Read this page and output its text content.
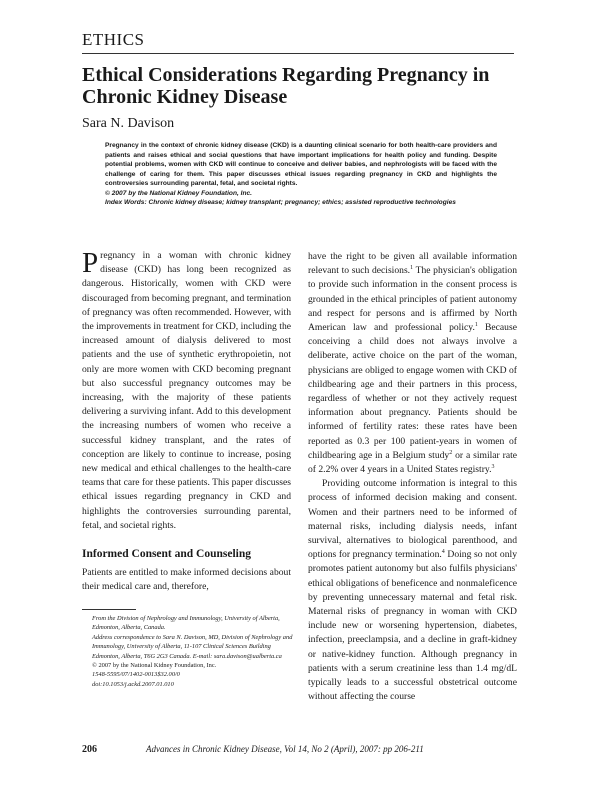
ETHICS
Ethical Considerations Regarding Pregnancy in Chronic Kidney Disease
Sara N. Davison

Pregnancy in the context of chronic kidney disease (CKD) is a daunting clinical scenario for both health-care providers and patients and raises ethical and social questions that have important implications for health policy and funding. Despite potential problems, women with CKD will continue to conceive and deliver babies, and nephrologists will be faced with the challenge of caring for them. This paper discusses ethical issues regarding pregnancy in CKD and highlights the controversies surrounding parental, fetal, and societal rights.

© 2007 by the National Kidney Foundation, Inc.

Index Words: Chronic kidney disease; kidney transplant; pregnancy; ethics; assisted reproductive technologies

Pregnancy in a woman with chronic kidney disease (CKD) has long been recognized as dangerous. Historically, women with CKD were discouraged from becoming pregnant, and termination of pregnancy was often recommended. However, with the improvements in treatment for CKD, including the increased amount of dialysis delivered to most patients and the use of synthetic erythropoietin, not only are more women with CKD becoming pregnant but also successful pregnancy outcomes may be increasing, with the majority of these patients delivering a surviving infant. Add to this development the increasing numbers of women who receive a successful kidney transplant, and the rates of conception are likely to continue to increase, posing new medical and ethical challenges to the health-care teams that care for these patients. This paper discusses ethical issues regarding pregnancy in CKD and highlights the controversies surrounding parental, fetal, and societal rights.

Informed Consent and Counseling

Patients are entitled to make informed decisions about their medical care and, therefore,

From the Division of Nephrology and Immunology, University of Alberta, Edmonton, Alberta, Canada.

Address correspondence to Sara N. Davison, MD, Division of Nephrology and Immunology, University of Alberta, 11-107 Clinical Sciences Building Edmonton, Alberta, T6G 2G3 Canada. E-mail: sara.davison@ualberta.ca

© 2007 by the National Kidney Foundation, Inc.

1548-5595/07/1402-0013$32.00/0

doi:10.1053/j.ackd.2007.01.010

have the right to be given all available information relevant to such decisions.$^1$ The physician's obligation to provide such information in the consent process is grounded in the ethical principles of patient autonomy and respect for persons and is affirmed by North American law and professional policy.$^1$ Because conceiving a child does not always involve a deliberate, active choice on the part of the woman, physicians are obliged to engage women with CKD of childbearing age and their partners in this process, regardless of whether or not they actively request information about pregnancy. Patients should be informed of fertility rates: these rates have been reported as 0.3 per 100 patient-years in women of childbearing age in a Belgium study$^2$ or a similar rate of 2.2% over 4 years in a United States registry.$^3$

Providing outcome information is integral to this process of informed decision making and consent. Women and their partners need to be informed of maternal risks, including dialysis needs, infant survival, alternatives to biological parenthood, and options for pregnancy termination.$^4$ Doing so not only promotes patient autonomy but also fulfils physicians' ethical obligations of beneficence and nonmaleficence by preventing unnecessary maternal and fetal risk. Maternal risks of pregnancy in woman with CKD include new or worsening hypertension, diabetes, infection, preeclampsia, and a decline in graft-kidney or native-kidney function. Although pregnancy in patients with a serum creatinine less than 1.4 mg/dL typically leads to a successful obstetrical outcome without affecting the course

206	Advances in Chronic Kidney Disease, Vol 14, No 2 (April), 2007: pp 206-211
